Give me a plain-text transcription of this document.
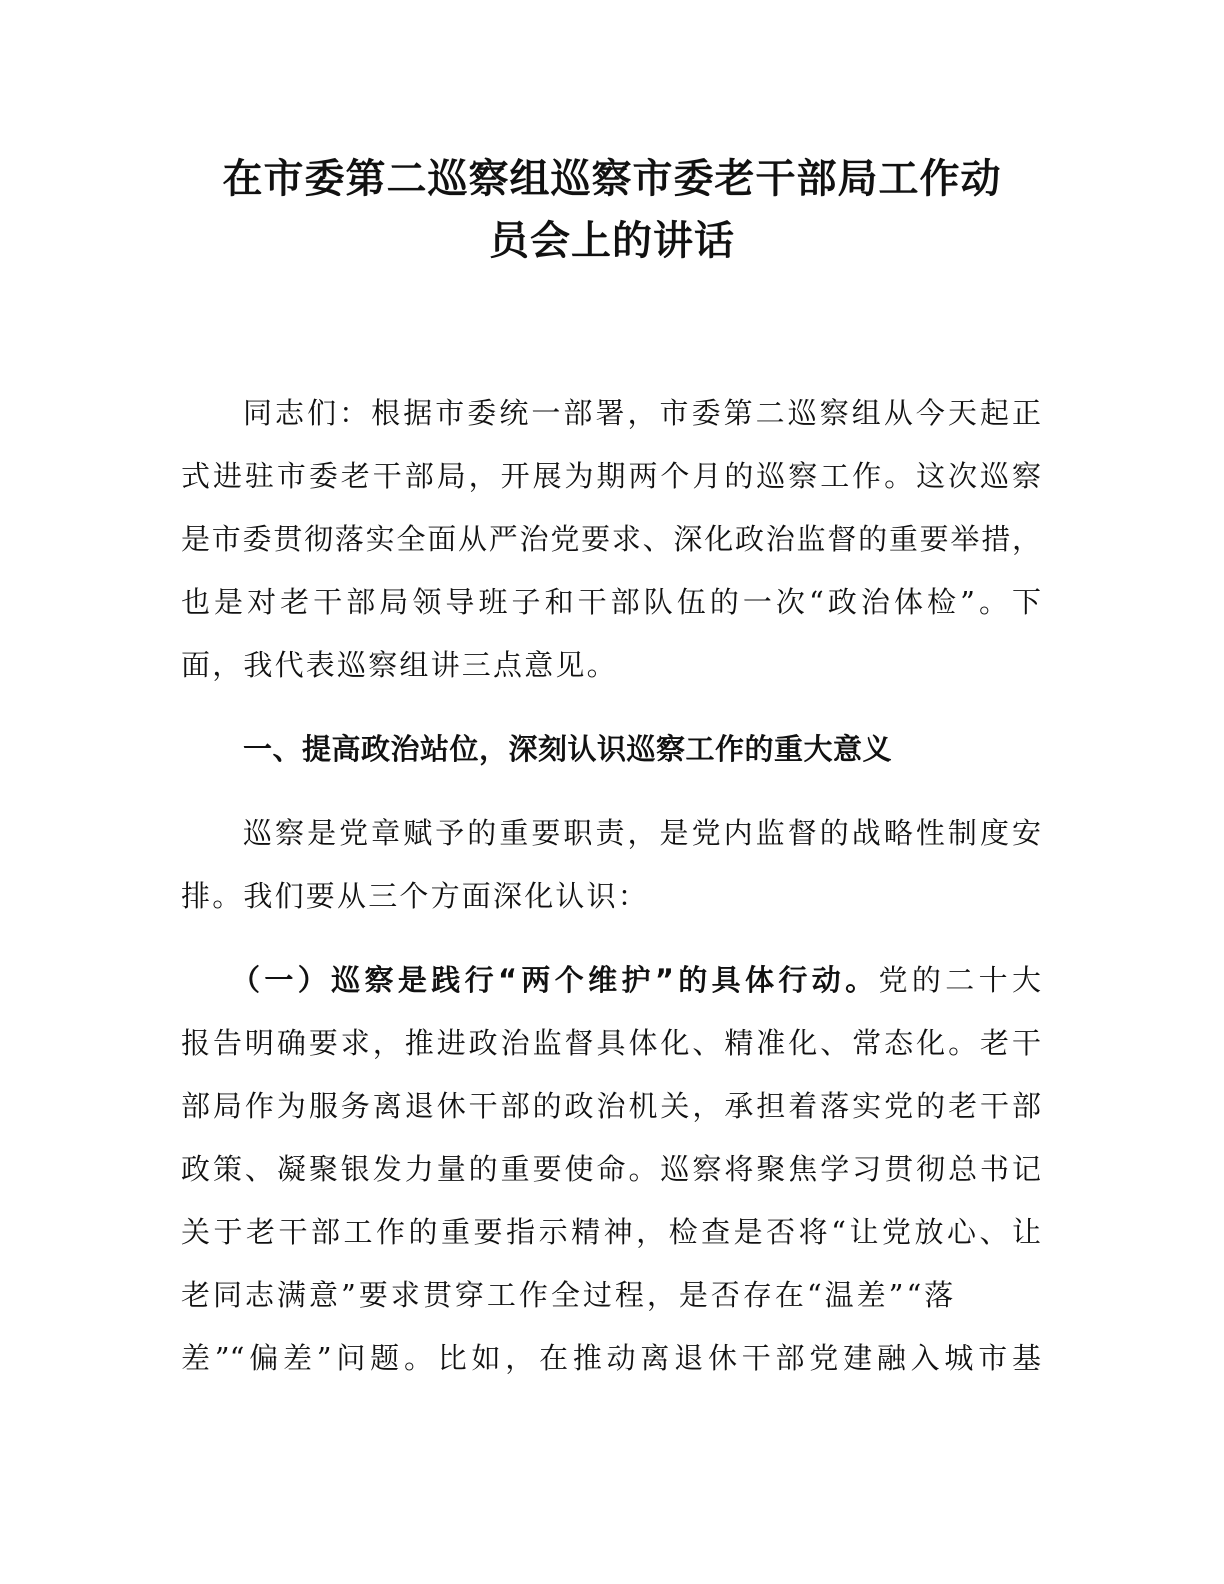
在市委第二巡察组巡察市委老干部局工作动
员会上的讲话
同志们：根据市委统一部署，市委第二巡察组从今天起正
式进驻市委老干部局，开展为期两个月的巡察工作。这次巡察
是市委贯彻落实全面从严治党要求、深化政治监督的重要举措，
也是对老干部局领导班子和干部队伍的一次“政治体检”。下
面，我代表巡察组讲三点意见。
一、提高政治站位，深刻认识巡察工作的重大意义
巡察是党章赋予的重要职责，是党内监督的战略性制度安
排。我们要从三个方面深化认识：
（一）巡察是践行“两个维护”的具体行动。党的二十大
报告明确要求，推进政治监督具体化、精准化、常态化。老干
部局作为服务离退休干部的政治机关，承担着落实党的老干部
政策、凝聚银发力量的重要使命。巡察将聚焦学习贯彻总书记
关于老干部工作的重要指示精神，检查是否将“让党放心、让
老同志满意”要求贯穿工作全过程，是否存在“温差”“落
差”“偏差”问题。比如，在推动离退休干部党建融入城市基
